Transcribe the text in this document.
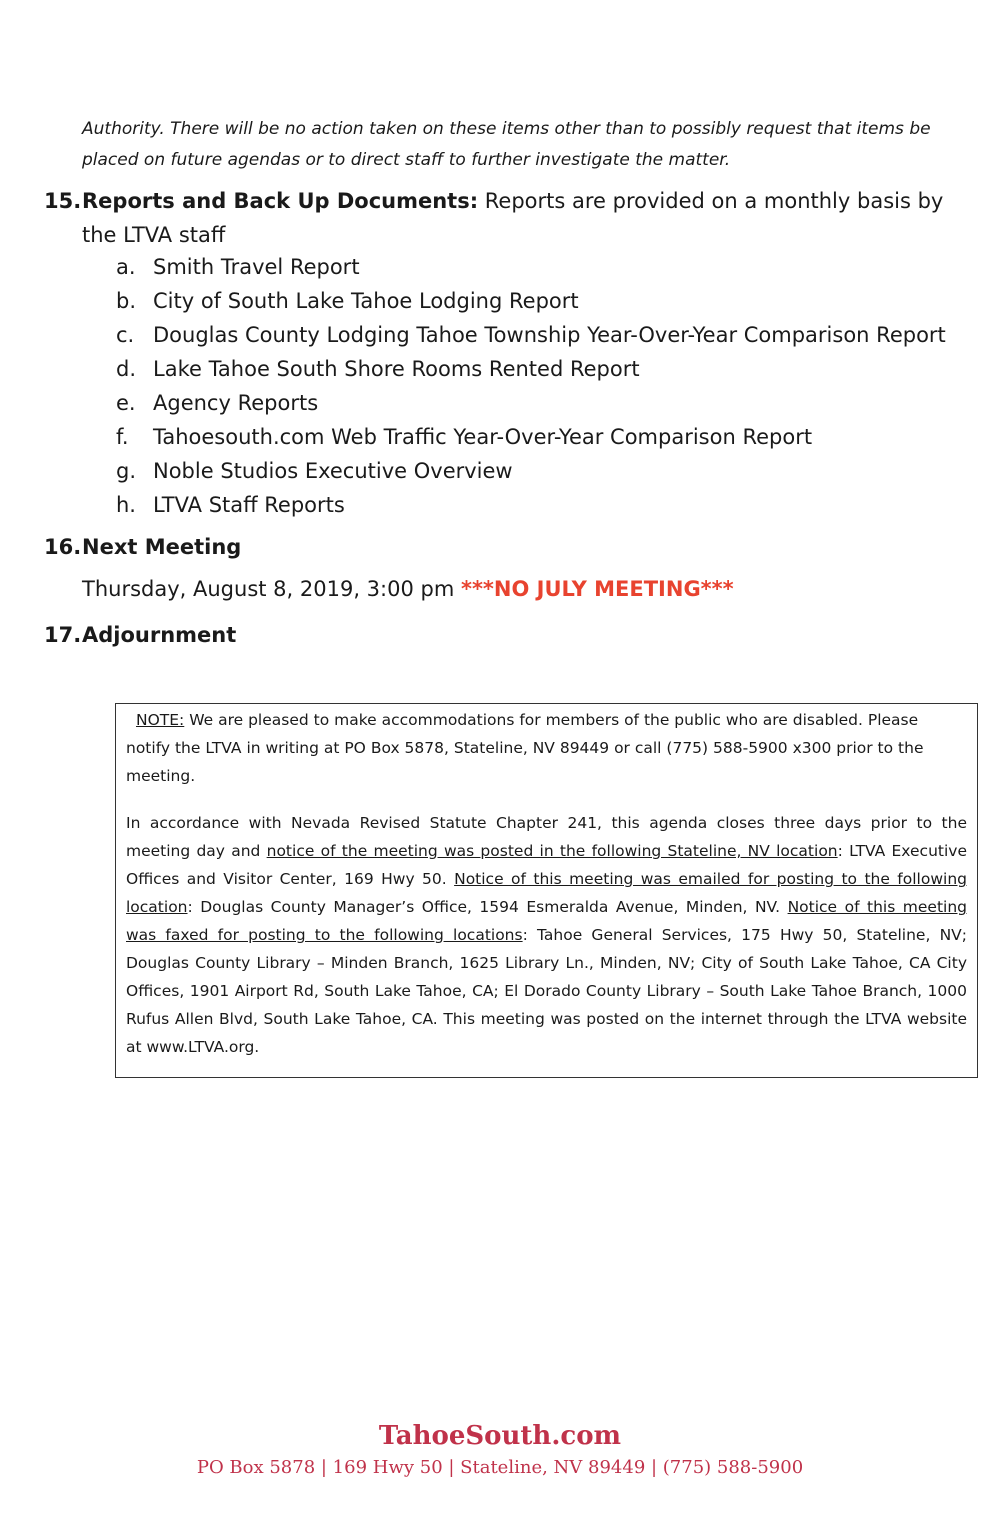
Authority. There will be no action taken on these items other than to possibly request that items be placed on future agendas or to direct staff to further investigate the matter.

15. Reports and Back Up Documents: Reports are provided on a monthly basis by the LTVA staff
a. Smith Travel Report
b. City of South Lake Tahoe Lodging Report
c. Douglas County Lodging Tahoe Township Year-Over-Year Comparison Report
d. Lake Tahoe South Shore Rooms Rented Report
e. Agency Reports
f. Tahoesouth.com Web Traffic Year-Over-Year Comparison Report
g. Noble Studios Executive Overview
h. LTVA Staff Reports
16. Next Meeting
Thursday, August 8, 2019, 3:00 pm ***NO JULY MEETING***
17. Adjournment

NOTE: We are pleased to make accommodations for members of the public who are disabled. Please notify the LTVA in writing at PO Box 5878, Stateline, NV 89449 or call (775) 588-5900 x300 prior to the meeting.

In accordance with Nevada Revised Statute Chapter 241, this agenda closes three days prior to the meeting day and notice of the meeting was posted in the following Stateline, NV location: LTVA Executive Offices and Visitor Center, 169 Hwy 50. Notice of this meeting was emailed for posting to the following location: Douglas County Manager’s Office, 1594 Esmeralda Avenue, Minden, NV. Notice of this meeting was faxed for posting to the following locations: Tahoe General Services, 175 Hwy 50, Stateline, NV; Douglas County Library – Minden Branch, 1625 Library Ln., Minden, NV; City of South Lake Tahoe, CA City Offices, 1901 Airport Rd, South Lake Tahoe, CA; El Dorado County Library – South Lake Tahoe Branch, 1000 Rufus Allen Blvd, South Lake Tahoe, CA. This meeting was posted on the internet through the LTVA website at www.LTVA.org.

TahoeSouth.com
PO Box 5878 | 169 Hwy 50 | Stateline, NV 89449 | (775) 588-5900
